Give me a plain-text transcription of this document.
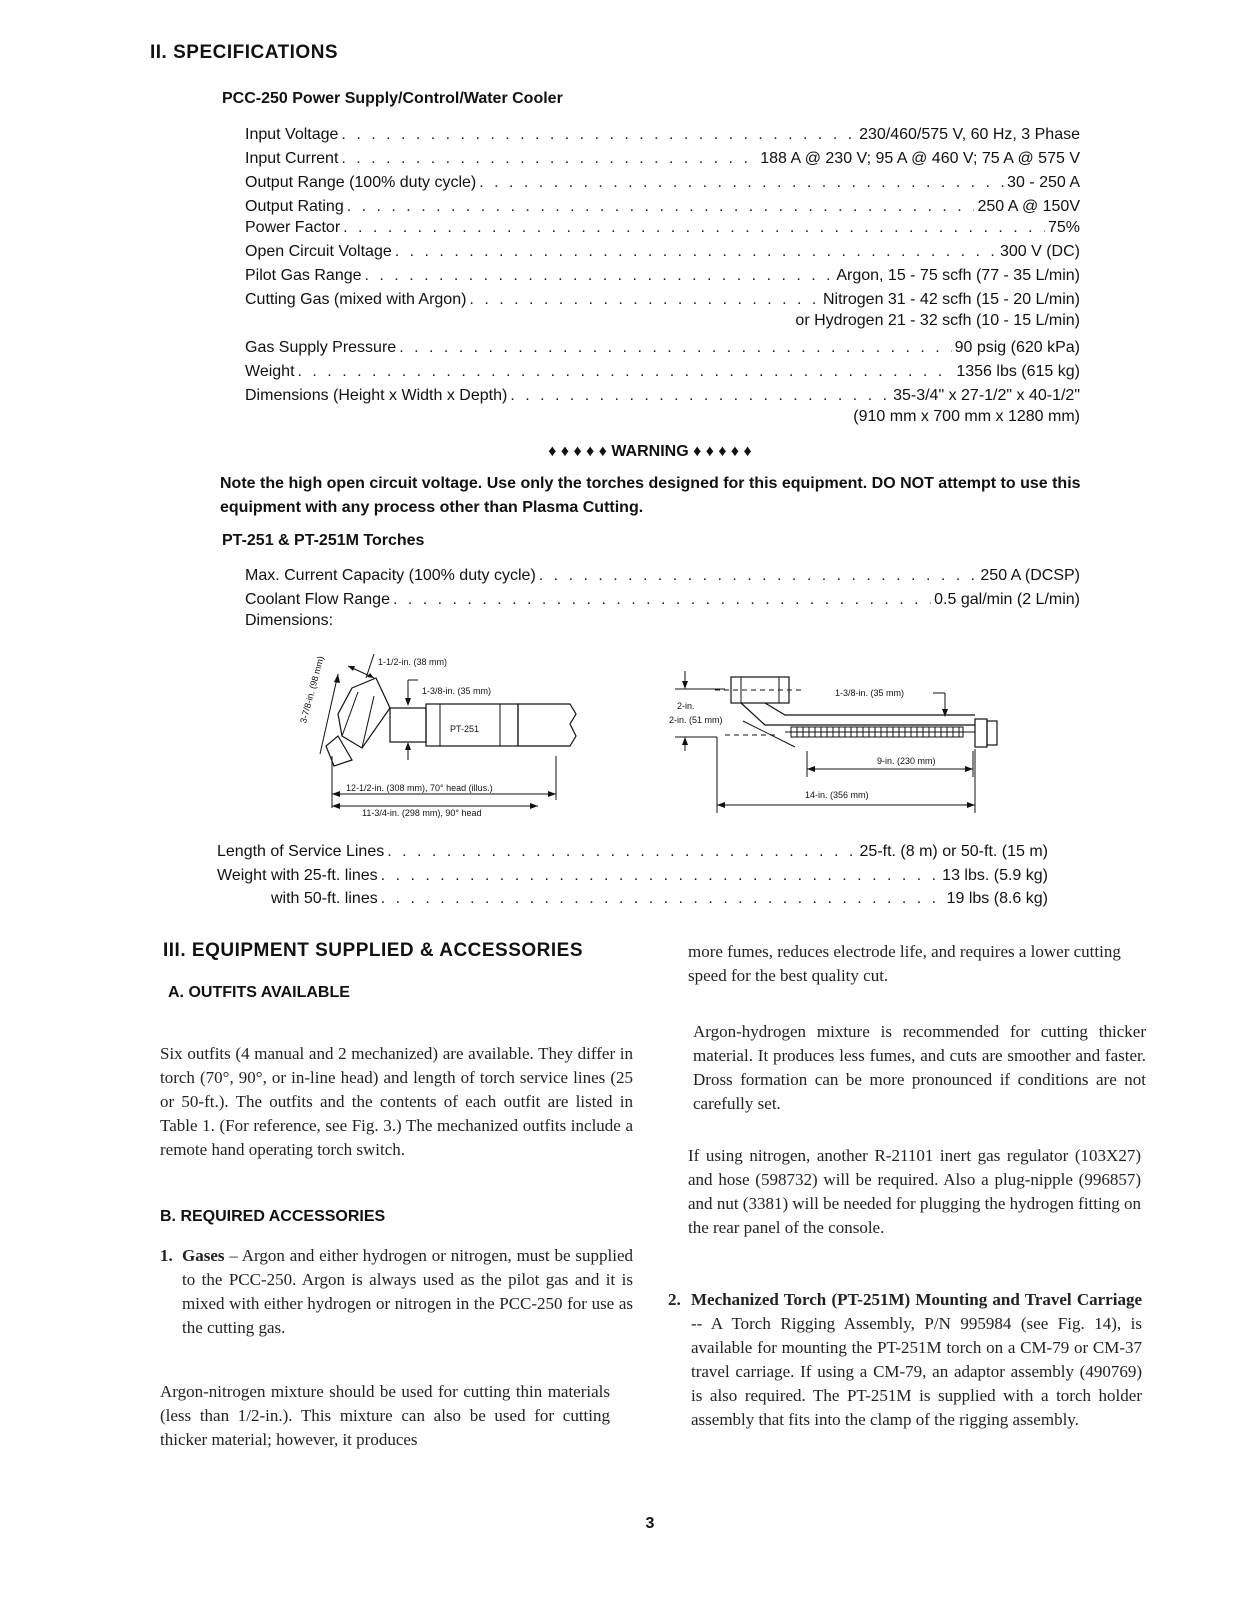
II. SPECIFICATIONS
PCC-250 Power Supply/Control/Water Cooler
Input Voltage . . .	230/460/575 V, 60 Hz, 3 Phase
Input Current . . .	188 A @ 230 V; 95 A @ 460 V; 75 A @ 575 V
Output Range (100% duty cycle) . . .	30 - 250 A
Output Rating . . .	250 A @ 150V
Power Factor . . .	75%
Open Circuit Voltage . . .	300 V (DC)
Pilot Gas Range . . .	Argon, 15 - 75 scfh (77 - 35 L/min)
Cutting Gas (mixed with Argon) . . .	Nitrogen 31 - 42 scfh (15 - 20 L/min)
or Hydrogen 21 - 32 scfh (10 - 15 L/min)
Gas Supply Pressure . . .	90 psig (620 kPa)
Weight . . .	1356 lbs (615 kg)
Dimensions (Height x Width x Depth) . . .	35-3/4" x 27-1/2" x 40-1/2"
(910 mm x 700 mm x 1280 mm)
♦ ♦ ♦ ♦ ♦ WARNING ♦ ♦ ♦ ♦ ♦
Note the high open circuit voltage. Use only the torches designed for this equipment. DO NOT attempt to use this equipment with any process other than Plasma Cutting.
PT-251 & PT-251M Torches
Max. Current Capacity (100% duty cycle) . . .	250 A (DCSP)
Coolant Flow Range . . .	0.5 gal/min (2 L/min)
Dimensions:
1-1/2-in. (38 mm)
PT-251
1-3/8-in. (35 mm)
3-7/8-in. (98 mm)
12-1/2-in. (308 mm), 70° head (illus.)
11-3/4-in. (298 mm), 90° head
2-in.
2-in. (51 mm)
1-3/8-in. (35 mm)
9-in. (230 mm)
14-in. (356 mm)
Length of Service Lines . . .	25-ft. (8 m) or 50-ft. (15 m)
Weight with 25-ft. lines . . .	13 lbs. (5.9 kg)
with 50-ft. lines . . .	19 lbs (8.6 kg)
III. EQUIPMENT SUPPLIED & ACCESSORIES
A. OUTFITS AVAILABLE
Six outfits (4 manual and 2 mechanized) are available. They differ in torch (70°, 90°, or in-line head) and length of torch service lines (25 or 50-ft.). The outfits and the contents of each outfit are listed in Table 1. (For reference, see Fig. 3.) The mechanized outfits include a remote hand operating torch switch.
B. REQUIRED ACCESSORIES
1. Gases – Argon and either hydrogen or nitrogen, must be supplied to the PCC-250. Argon is always used as the pilot gas and it is mixed with either hydrogen or nitrogen in the PCC-250 for use as the cutting gas.
Argon-nitrogen mixture should be used for cutting thin materials (less than 1/2-in.). This mixture can also be used for cutting thicker material; however, it produces
more fumes, reduces electrode life, and requires a lower cutting speed for the best quality cut.
Argon-hydrogen mixture is recommended for cutting thicker material. It produces less fumes, and cuts are smoother and faster. Dross formation can be more pronounced if conditions are not carefully set.
If using nitrogen, another R-21101 inert gas regulator (103X27) and hose (598732) will be required. Also a plug-nipple (996857) and nut (3381) will be needed for plugging the hydrogen fitting on the rear panel of the console.
2. Mechanized Torch (PT-251M) Mounting and Travel Carriage -- A Torch Rigging Assembly, P/N 995984 (see Fig. 14), is available for mounting the PT-251M torch on a CM-79 or CM-37 travel carriage. If using a CM-79, an adaptor assembly (490769) is also required. The PT-251M is supplied with a torch holder assembly that fits into the clamp of the rigging assembly.
3
